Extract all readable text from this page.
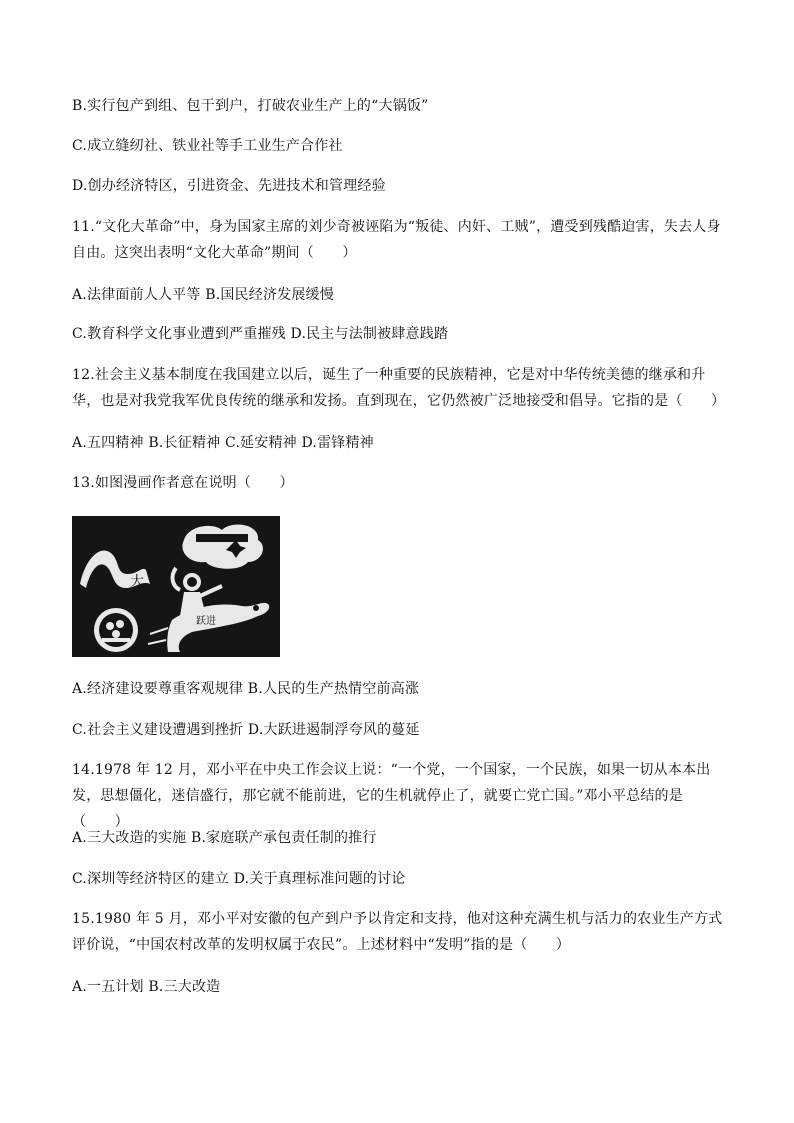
B.实行包产到组、包干到户，打破农业生产上的“大锅饭”
C.成立缝纫社、铁业社等手工业生产合作社
D.创办经济特区，引进资金、先进技术和管理经验
11.“文化大革命”中，身为国家主席的刘少奇被诬陷为“叛徒、内奸、工贼”，遭受到残酷迫害，失去人身自由。这突出表明“文化大革命”期间（　　）
A.法律面前人人平等 B.国民经济发展缓慢
C.教育科学文化事业遭到严重摧残 D.民主与法制被肆意践踏
12.社会主义基本制度在我国建立以后，诞生了一种重要的民族精神，它是对中华传统美德的继承和升华，也是对我党我军优良传统的继承和发扬。直到现在，它仍然被广泛地接受和倡导。它指的是（　　）
A.五四精神 B.长征精神 C.延安精神 D.雷锋精神
13.如图漫画作者意在说明（　　）
大
跃进
A.经济建设要尊重客观规律 B.人民的生产热情空前高涨
C.社会主义建设遭遇到挫折 D.大跃进遏制浮夸风的蔓延
14.1978 年 12 月，邓小平在中央工作会议上说：“一个党，一个国家，一个民族，如果一切从本本出发，思想僵化，迷信盛行，那它就不能前进，它的生机就停止了，就要亡党亡国。”邓小平总结的是（　　）
A.三大改造的实施 B.家庭联产承包责任制的推行
C.深圳等经济特区的建立 D.关于真理标准问题的讨论
15.1980 年 5 月，邓小平对安徽的包产到户予以肯定和支持，他对这种充满生机与活力的农业生产方式评价说，“中国农村改革的发明权属于农民”。上述材料中“发明”指的是（　　）
A.一五计划 B.三大改造
